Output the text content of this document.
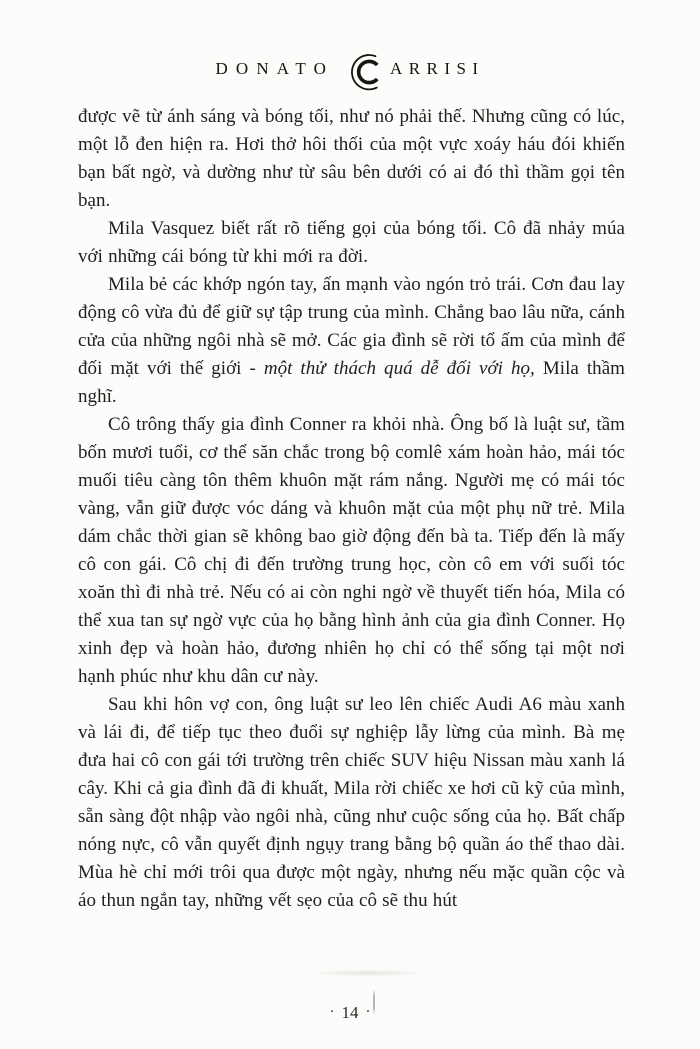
DONATO	ARRISI

được vẽ từ ánh sáng và bóng tối, như nó phải thế. Nhưng cũng có lúc, một lỗ đen hiện ra. Hơi thở hôi thối của một vực xoáy háu đói khiến bạn bất ngờ, và dường như từ sâu bên dưới có ai đó thì thầm gọi tên bạn.

Mila Vasquez biết rất rõ tiếng gọi của bóng tối. Cô đã nhảy múa với những cái bóng từ khi mới ra đời.

Mila bẻ các khớp ngón tay, ấn mạnh vào ngón trỏ trái. Cơn đau lay động cô vừa đủ để giữ sự tập trung của mình. Chẳng bao lâu nữa, cánh cửa của những ngôi nhà sẽ mở. Các gia đình sẽ rời tổ ấm của mình để đối mặt với thế giới - một thử thách quá dễ đối với họ, Mila thầm nghĩ.

Cô trông thấy gia đình Conner ra khỏi nhà. Ông bố là luật sư, tầm bốn mươi tuổi, cơ thể săn chắc trong bộ comlê xám hoàn hảo, mái tóc muối tiêu càng tôn thêm khuôn mặt rám nắng. Người mẹ có mái tóc vàng, vẫn giữ được vóc dáng và khuôn mặt của một phụ nữ trẻ. Mila dám chắc thời gian sẽ không bao giờ động đến bà ta. Tiếp đến là mấy cô con gái. Cô chị đi đến trường trung học, còn cô em với suối tóc xoăn thì đi nhà trẻ. Nếu có ai còn nghi ngờ về thuyết tiến hóa, Mila có thể xua tan sự ngờ vực của họ bằng hình ảnh của gia đình Conner. Họ xinh đẹp và hoàn hảo, đương nhiên họ chỉ có thể sống tại một nơi hạnh phúc như khu dân cư này.

Sau khi hôn vợ con, ông luật sư leo lên chiếc Audi A6 màu xanh và lái đi, để tiếp tục theo đuổi sự nghiệp lẫy lừng của mình. Bà mẹ đưa hai cô con gái tới trường trên chiếc SUV hiệu Nissan màu xanh lá cây. Khi cả gia đình đã đi khuất, Mila rời chiếc xe hơi cũ kỹ của mình, sẵn sàng đột nhập vào ngôi nhà, cũng như cuộc sống của họ. Bất chấp nóng nực, cô vẫn quyết định ngụy trang bằng bộ quần áo thể thao dài. Mùa hè chỉ mới trôi qua được một ngày, nhưng nếu mặc quần cộc và áo thun ngắn tay, những vết sẹo của cô sẽ thu hút

· 14 ·
